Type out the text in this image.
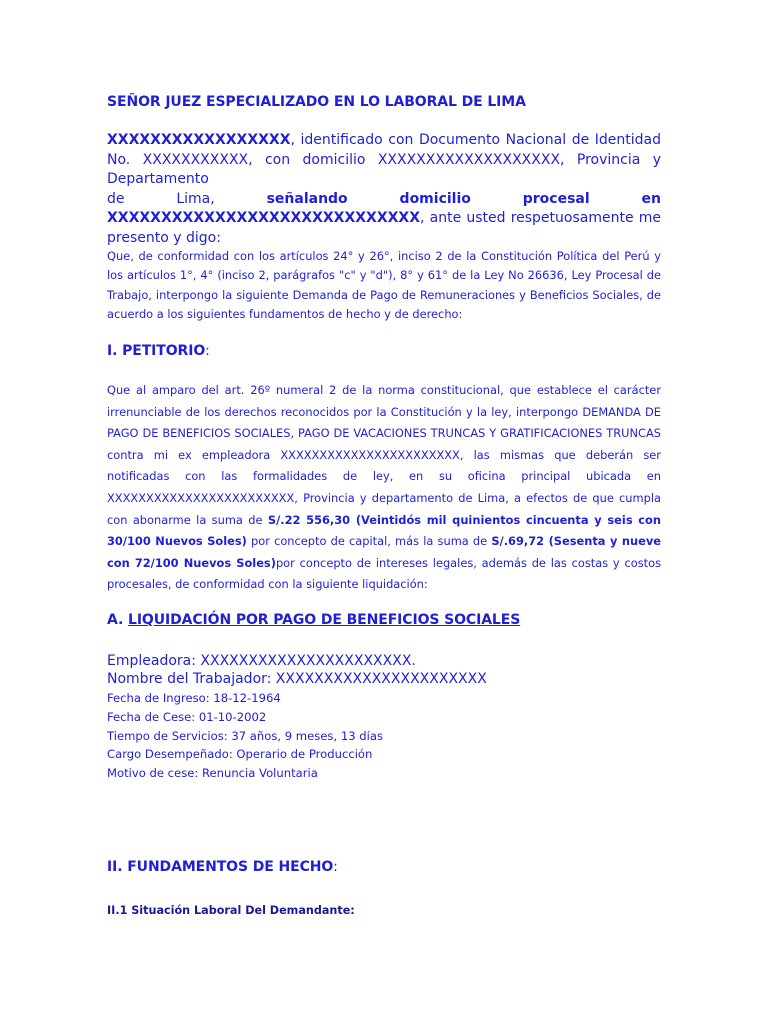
SEÑOR JUEZ ESPECIALIZADO EN LO LABORAL DE LIMA

XXXXXXXXXXXXXXXXX, identificado con Documento Nacional de Identidad No. XXXXXXXXXXX, con domicilio XXXXXXXXXXXXXXXXXXX, Provincia y Departamento
de	Lima,	señalando	domicilio	procesal	en
XXXXXXXXXXXXXXXXXXXXXXXXXXXXX, ante usted respetuosamente me presento y digo:

Que, de conformidad con los artículos 24° y 26°, inciso 2 de la Constitución Política del Perú y los artículos 1°, 4° (inciso 2, parágrafos "c" y "d"), 8° y 61° de la Ley No 26636, Ley Procesal de Trabajo, interpongo la siguiente Demanda de Pago de Remuneraciones y Beneficios Sociales, de acuerdo a los siguientes fundamentos de hecho y de derecho:

I. PETITORIO:

Que al amparo del art. 26º numeral 2 de la norma constitucional, que establece el carácter irrenunciable de los derechos reconocidos por la Constitución y la ley, interpongo DEMANDA DE PAGO DE BENEFICIOS SOCIALES, PAGO DE VACACIONES TRUNCAS Y GRATIFICACIONES TRUNCAS contra mi ex empleadora XXXXXXXXXXXXXXXXXXXXXXX, las mismas que deberán ser notificadas con las formalidades de ley, en su oficina principal ubicada en XXXXXXXXXXXXXXXXXXXXXXXX, Provincia y departamento de Lima, a efectos de que cumpla con abonarme la suma de S/.22 556,30 (Veintidós mil quinientos cincuenta y seis con 30/100 Nuevos Soles) por concepto de capital, más la suma de S/.69,72 (Sesenta y nueve con 72/100 Nuevos Soles)por concepto de intereses legales, además de las costas y costos procesales, de conformidad con la siguiente liquidación:

A. LIQUIDACIÓN POR PAGO DE BENEFICIOS SOCIALES

Empleadora: XXXXXXXXXXXXXXXXXXXXXX.
Nombre del Trabajador: XXXXXXXXXXXXXXXXXXXXXX
Fecha de Ingreso: 18-12-1964
Fecha de Cese: 01-10-2002
Tiempo de Servicios: 37 años, 9 meses, 13 días
Cargo Desempeñado: Operario de Producción
Motivo de cese: Renuncia Voluntaria

II. FUNDAMENTOS DE HECHO:

II.1 Situación Laboral Del Demandante:
